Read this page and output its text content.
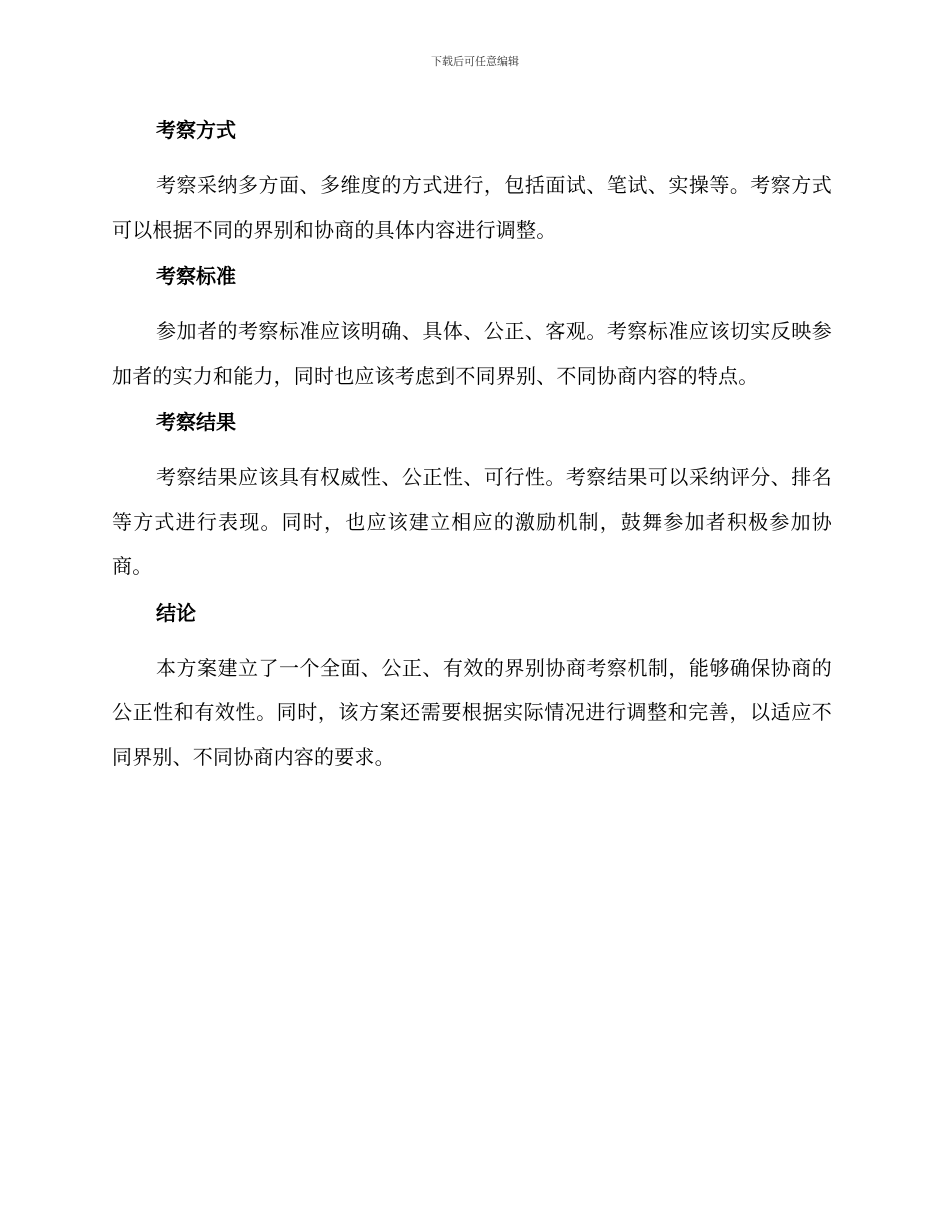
下载后可任意编辑
考察方式

考察采纳多方面、多维度的方式进行，包括面试、笔试、实操等。考察方式可以根据不同的界别和协商的具体内容进行调整。

考察标准

参加者的考察标准应该明确、具体、公正、客观。考察标准应该切实反映参加者的实力和能力，同时也应该考虑到不同界别、不同协商内容的特点。

考察结果

考察结果应该具有权威性、公正性、可行性。考察结果可以采纳评分、排名等方式进行表现。同时，也应该建立相应的激励机制，鼓舞参加者积极参加协商。

结论

本方案建立了一个全面、公正、有效的界别协商考察机制，能够确保协商的公正性和有效性。同时，该方案还需要根据实际情况进行调整和完善，以适应不同界别、不同协商内容的要求。
